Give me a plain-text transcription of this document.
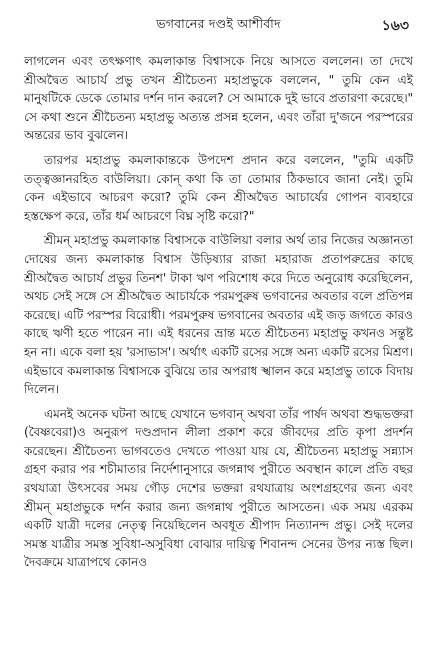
ভগবানের দণ্ডই আশীর্বাদ	১৬৩

লাগলেন এবং তৎক্ষণাৎ কমলাকান্ত বিশ্বাসকে নিয়ে আসতে বললেন। তা দেখে শ্রীঅদ্বৈত আচার্য প্রভু তখন শ্রীচৈতন্য মহাপ্রভুকে বললেন, " তুমি কেন এই মানুষটিকে ডেকে তোমার দর্শন দান করলে? সে আমাকে দুই ভাবে প্রতারণা করেছে।" সে কথা শুনে শ্রীচৈতন্য মহাপ্রভু অত্যন্ত প্রসন্ন হলেন, এবং তাঁরা দু'জনে পরস্পরের অন্তরের ভাব বুঝলেন।

তারপর মহাপ্রভু কমলাকান্তকে উপদেশ প্রদান করে বললেন, "তুমি একটি তত্ত্বজ্ঞানরহিত বাউলিয়া। কোন্ কথা কি তা তোমার ঠিকভাবে জানা নেই। তুমি কেন এইভাবে আচরণ করো? তুমি কেন শ্রীঅদ্বৈত আচার্যের গোপন ব্যবহারে হস্তক্ষেপ করে, তাঁর ধর্ম আচরণে বিঘ্ন সৃষ্টি করো?"

শ্রীমন্ মহাপ্রভু কমলাকান্ত বিশ্বাসকে বাউলিয়া বলার অর্থ তার নিজের অজ্ঞানতা দোষের জন্য কমলাকান্ত বিশ্বাস উড়িষ্যার রাজা মহারাজ প্রতাপরুদ্রের কাছে শ্রীঅদ্বৈত আচার্য প্রভুর তিনশ' টাকা ঋণ পরিশোধ করে দিতে অনুরোধ করেছিলেন, অথচ সেই সঙ্গে সে শ্রীঅদ্বৈত আচার্যকে পরমপুরুষ ভগবানের অবতার বলে প্রতিপন্ন করেছে। এটি পরস্পর বিরোধী। পরমপুরুষ ভগবানের অবতার এই জড় জগতে কারও কাছে ঋণী হতে পারেন না। এই ধরনের ভ্রান্ত মতে শ্রীচৈতন্য মহাপ্রভু কখনও সন্তুষ্ট হন না। একে বলা হয় 'রসাভাস'। অর্থাৎ একটি রসের সঙ্গে অন্য একটি রসের মিশ্রণ। এইভাবে কমলাকান্ত বিশ্বাসকে বুঝিয়ে তার অপরাধ স্খালন করে মহাপ্রভু তাকে বিদায় দিলেন।

এমনই অনেক ঘটনা আছে যেখানে ভগবান্ অথবা তাঁর পার্ষদ অথবা শুদ্ধভক্তরা (বৈষ্ণবেরা)ও অনুরূপ দণ্ডপ্রদান লীলা প্রকাশ করে জীবদের প্রতি কৃপা প্রদর্শন করেছেন। শ্রীচৈতন্য ভাগবতেও দেখতে পাওয়া যায় যে, শ্রীচৈতন্য মহাপ্রভু সন্ন্যাস গ্রহণ করার পর শচীমাতার নির্দেশানুসারে জগন্নাথ পুরীতে অবস্থান কালে প্রতি বছর রথযাত্রা উৎসবের সময় গৌড় দেশের ভক্তরা রথযাত্রায় অংশগ্রহণের জন্য এবং শ্রীমন্ মহাপ্রভুকে দর্শন করার জন্য জগন্নাথ পুরীতে আসতেন। এক সময় এরকম একটি যাত্রী দলের নেতৃত্ব নিয়েছিলেন অবধূত শ্রীপাদ নিত্যানন্দ প্রভু। সেই দলের সমস্ত যাত্রীর সমস্ত সুবিধা-অসুবিধা বোঝার দায়িত্ব শিবানন্দ সেনের উপর ন্যস্ত ছিল। দৈবক্রমে যাত্রাপথে কোনও
